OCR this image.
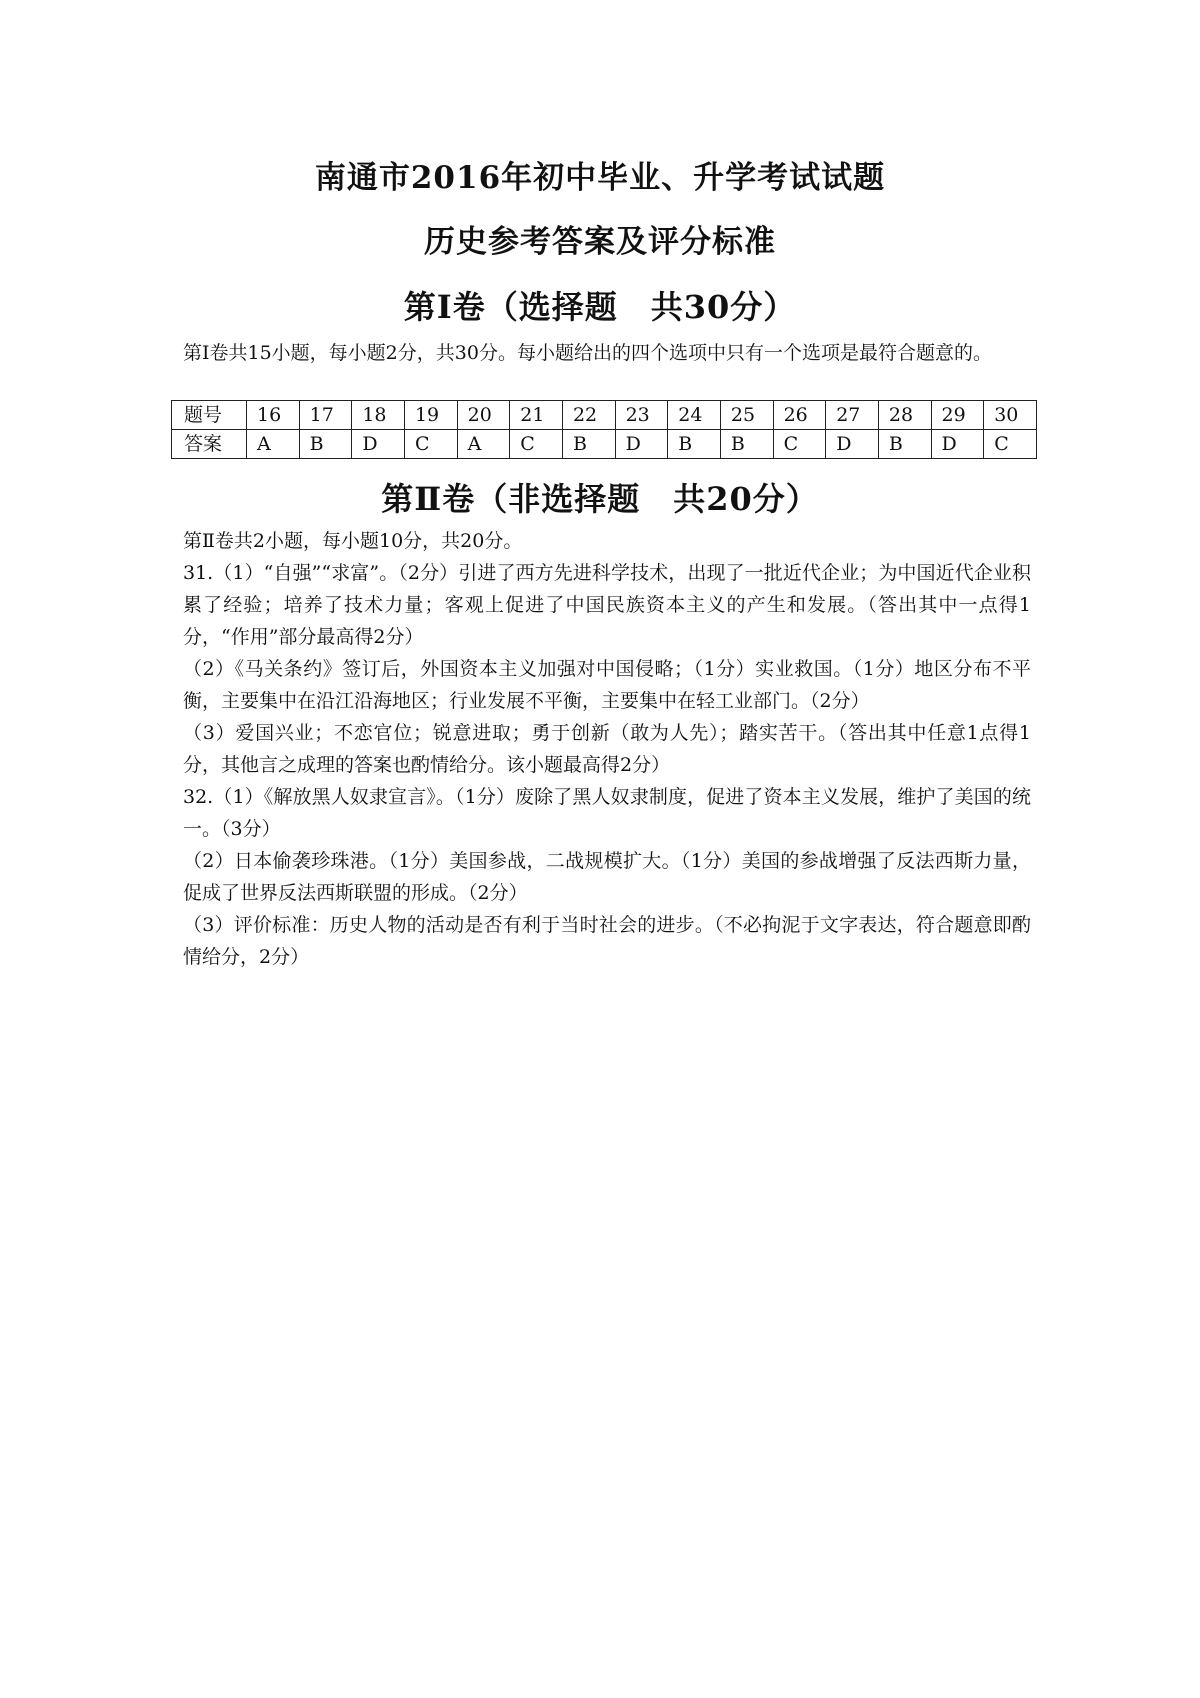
南通市2016年初中毕业、升学考试试题
历史参考答案及评分标准
第Ⅰ卷（选择题　共30分）

第Ⅰ卷共15小题，每小题2分，共30分。每小题给出的四个选项中只有一个选项是最符合题意的。

题号	16	17	18	19	20	21	22	23	24	25	26	27	28	29	30
答案	A	B	D	C	A	C	B	D	B	B	C	D	B	D	C
第Ⅱ卷（非选择题　共20分）

第Ⅱ卷共2小题，每小题10分，共20分。

31.（1）“自强”“求富”。（2分）引进了西方先进科学技术，出现了一批近代企业；为中国近代企业积累了经验；培养了技术力量；客观上促进了中国民族资本主义的产生和发展。（答出其中一点得1分，“作用”部分最高得2分）

（2）《马关条约》签订后，外国资本主义加强对中国侵略；（1分）实业救国。（1分）地区分布不平衡，主要集中在沿江沿海地区；行业发展不平衡，主要集中在轻工业部门。（2分）

（3）爱国兴业；不恋官位；锐意进取；勇于创新（敢为人先）；踏实苦干。（答出其中任意1点得1分，其他言之成理的答案也酌情给分。该小题最高得2分）

32.（1）《解放黑人奴隶宣言》。（1分）废除了黑人奴隶制度，促进了资本主义发展，维护了美国的统一。（3分）

（2）日本偷袭珍珠港。（1分）美国参战，二战规模扩大。（1分）美国的参战增强了反法西斯力量，促成了世界反法西斯联盟的形成。（2分）

（3）评价标准：历史人物的活动是否有利于当时社会的进步。（不必拘泥于文字表达，符合题意即酌情给分，2分）
